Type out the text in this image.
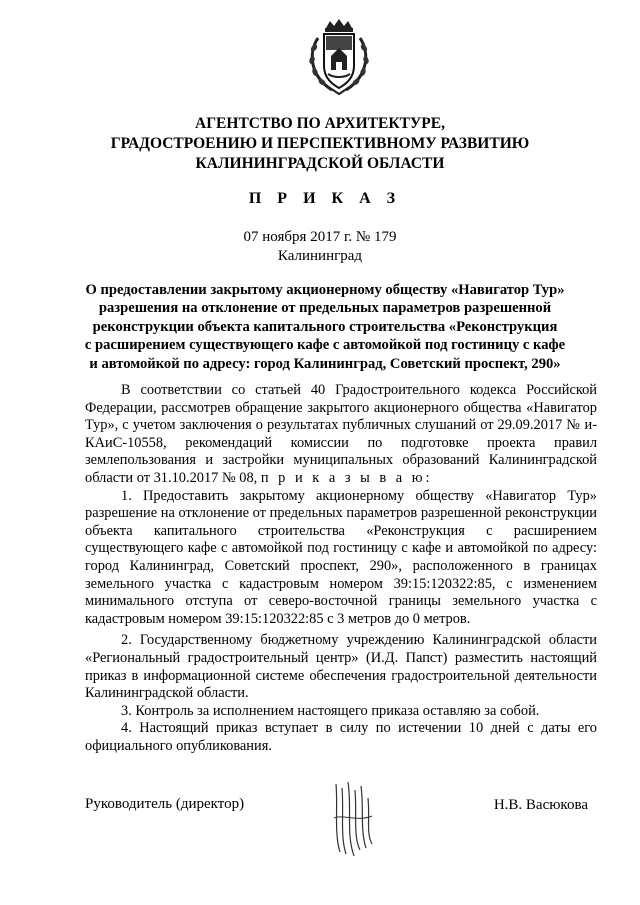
АГЕНТСТВО ПО АРХИТЕКТУРЕ,
ГРАДОСТРОЕНИЮ И ПЕРСПЕКТИВНОМУ РАЗВИТИЮ
КАЛИНИНГРАДСКОЙ ОБЛАСТИ
П Р И К А З
07 ноября 2017 г. № 179
Калининград
О предоставлении закрытому акционерному обществу «Навигатор Тур»
разрешения на отклонение от предельных параметров разрешенной
реконструкции объекта капитального строительства «Реконструкция
с расширением существующего кафе с автомойкой под гостиницу с кафе
и автомойкой по адресу: город Калининград, Советский проспект, 290»

В соответствии со статьей 40 Градостроительного кодекса Российской Федерации, рассмотрев обращение закрытого акционерного общества «Навигатор Тур», с учетом заключения о результатах публичных слушаний от 29.09.2017 № и-КАиС-10558, рекомендаций комиссии по подготовке проекта правил землепользования и застройки муниципальных образований Калининградской области от 31.10.2017 № 08, п р и к а з ы в а ю:

1. Предоставить закрытому акционерному обществу «Навигатор Тур» разрешение на отклонение от предельных параметров разрешенной реконструкции объекта капитального строительства «Реконструкция с расширением существующего кафе с автомойкой под гостиницу с кафе и автомойкой по адресу: город Калининград, Советский проспект, 290», расположенного в границах земельного участка с кадастровым номером 39:15:120322:85, с изменением минимального отступа от северо-восточной границы земельного участка с кадастровым номером 39:15:120322:85 с 3 метров до 0 метров.

2. Государственному бюджетному учреждению Калининградской области «Региональный градостроительный центр» (И.Д. Папст) разместить настоящий приказ в информационной системе обеспечения градостроительной деятельности Калининградской области.

3. Контроль за исполнением настоящего приказа оставляю за собой.

4. Настоящий приказ вступает в силу по истечении 10 дней с даты его официального опубликования.

Руководитель (директор)	Н.В. Васюкова
